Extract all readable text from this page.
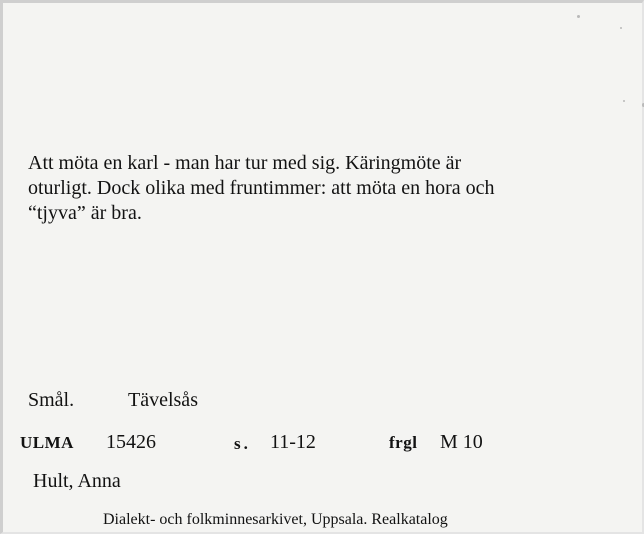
Att möta en karl - man har tur med sig. Käringmöte är
oturligt. Dock olika med fruntimmer: att möta en hora och
“tjyva” är bra.
Smål.	Tävelsås
ULMA 15426	s. 11-12	frgl M 10
Hult, Anna
Dialekt- och folkminnesarkivet, Uppsala. Realkatalog
